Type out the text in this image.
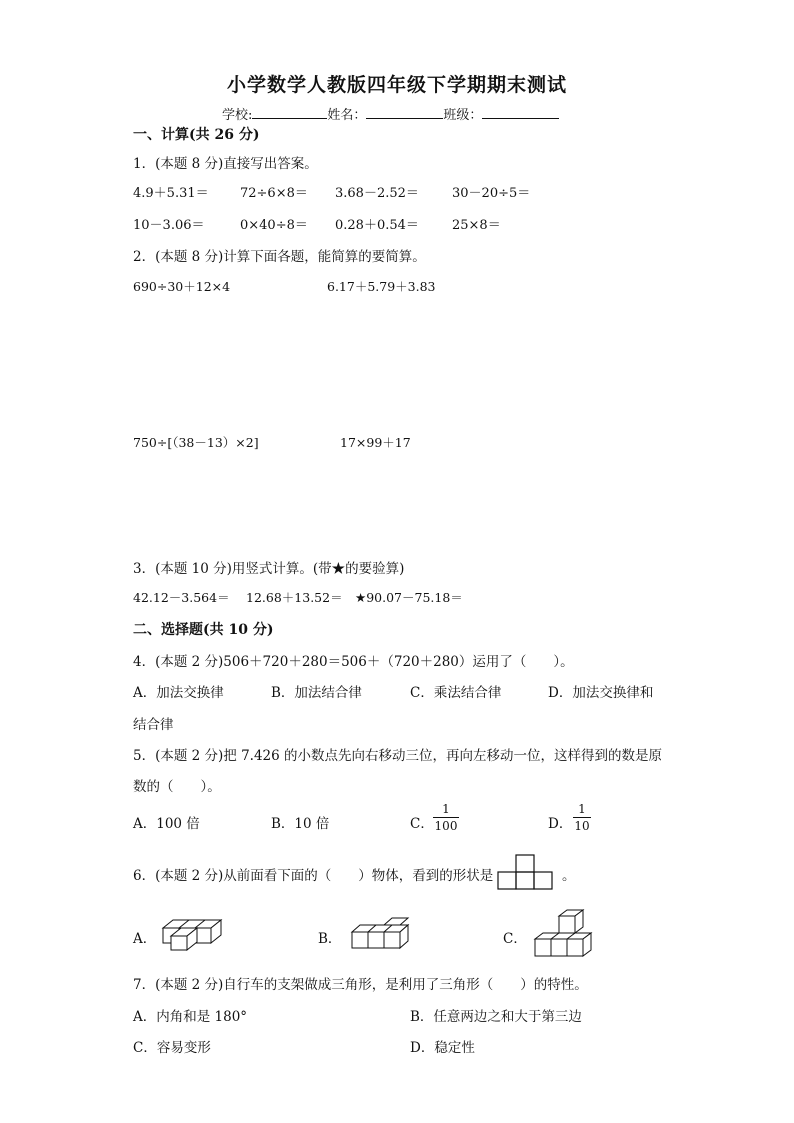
小学数学人教版四年级下学期期末测试
学校:	姓名：	班级：
一、计算(共 26 分)
1．(本题 8 分)直接写出答案。
4.9＋5.31＝ 72÷6×8＝ 3.68－2.52＝	30－20÷5＝
10－3.06＝	0×40÷8＝ 0.28＋0.54＝	25×8＝
2．(本题 8 分)计算下面各题，能简算的要简算。
690÷30＋12×4	6.17＋5.79＋3.83
750÷[（38－13）×2]	17×99＋17
3．(本题 10 分)用竖式计算。(带★的要验算)
42.12－3.564＝ 12.68＋13.52＝ ★90.07－75.18＝
二、选择题(共 10 分)
4．(本题 2 分)506＋720＋280＝506＋（720＋280）运用了（　　）。
A．加法交换律	B．加法结合律	C．乘法结合律	D．加法交换律和
结合律
5．(本题 2 分)把 7.426 的小数点先向右移动三位，再向左移动一位，这样得到的数是原
数的（　　）。
A．100 倍	B．10 倍	C．
1
100	D．
1
10
6．(本题 2 分)从前面看下面的（　　）物体，看到的形状是	。
A．	B．	C．
7．(本题 2 分)自行车的支架做成三角形，是利用了三角形（　　）的特性。
A．内角和是 180°	B．任意两边之和大于第三边
C．容易变形	D．稳定性
